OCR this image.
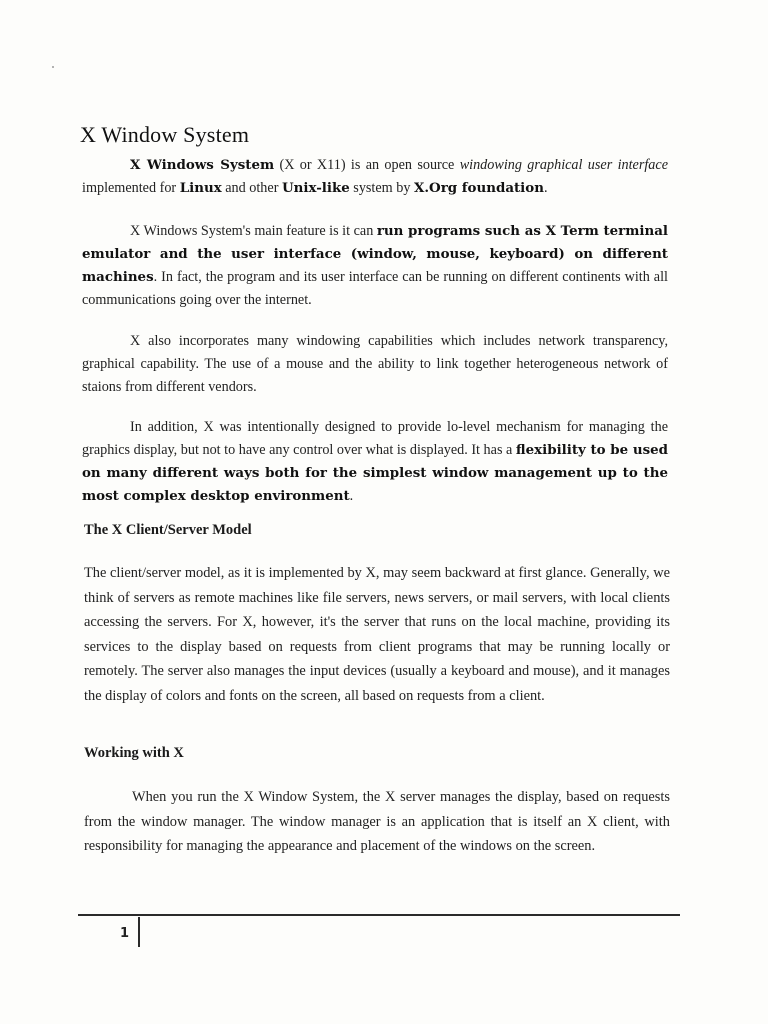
X Window System

X Windows System (X or X11) is an open source windowing graphical user interface implemented for Linux and other Unix-like system by X.Org foundation.

X Windows System's main feature is it can run programs such as X Term terminal emulator and the user interface (window, mouse, keyboard) on different machines. In fact, the program and its user interface can be running on different continents with all communications going over the internet.

X also incorporates many windowing capabilities which includes network transparency, graphical capability. The use of a mouse and the ability to link together heterogeneous network of staions from different vendors.

In addition, X was intentionally designed to provide lo-level mechanism for managing the graphics display, but not to have any control over what is displayed. It has a flexibility to be used on many different ways both for the simplest window management up to the most complex desktop environment.

The X Client/Server Model

The client/server model, as it is implemented by X, may seem backward at first glance. Generally, we think of servers as remote machines like file servers, news servers, or mail servers, with local clients accessing the servers. For X, however, it's the server that runs on the local machine, providing its services to the display based on requests from client programs that may be running locally or remotely. The server also manages the input devices (usually a keyboard and mouse), and it manages the display of colors and fonts on the screen, all based on requests from a client.

Working with X

When you run the X Window System, the X server manages the display, based on requests from the window manager. The window manager is an application that is itself an X client, with responsibility for managing the appearance and placement of the windows on the screen.

1
